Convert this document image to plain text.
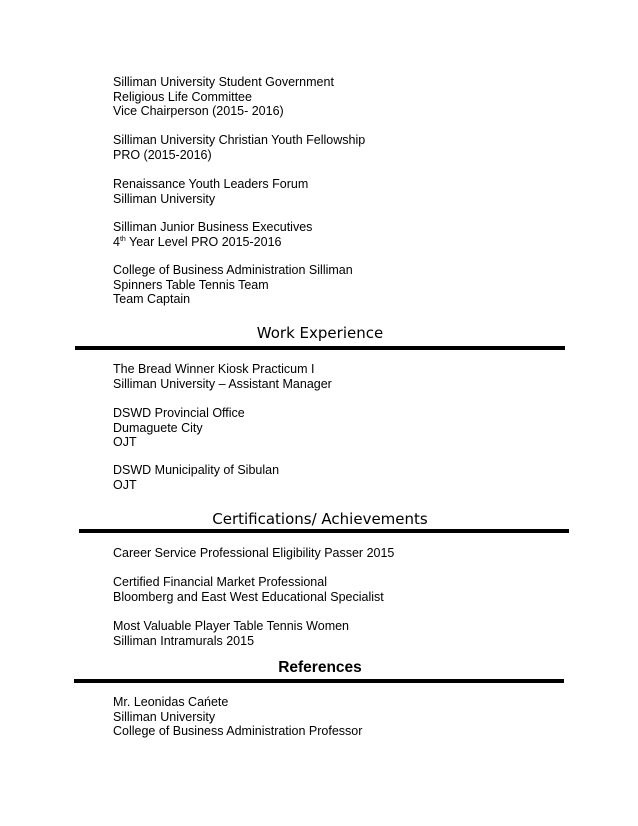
Silliman University Student Government
Religious Life Committee
Vice Chairperson (2015- 2016)
Silliman University Christian Youth Fellowship
PRO (2015-2016)
Renaissance Youth Leaders Forum
Silliman University
Silliman Junior Business Executives
4th Year Level PRO 2015-2016
College of Business Administration Silliman
Spinners Table Tennis Team
Team Captain
Work Experience
The Bread Winner Kiosk Practicum I
Silliman University – Assistant Manager
DSWD Provincial Office
Dumaguete City
OJT
DSWD Municipality of Sibulan
OJT
Certifications/ Achievements
Career Service Professional Eligibility Passer 2015
Certified Financial Market Professional
Bloomberg and East West Educational Specialist
Most Valuable Player Table Tennis Women
Silliman Intramurals 2015
References
Mr. Leonidas Cańete
Silliman University
College of Business Administration Professor
